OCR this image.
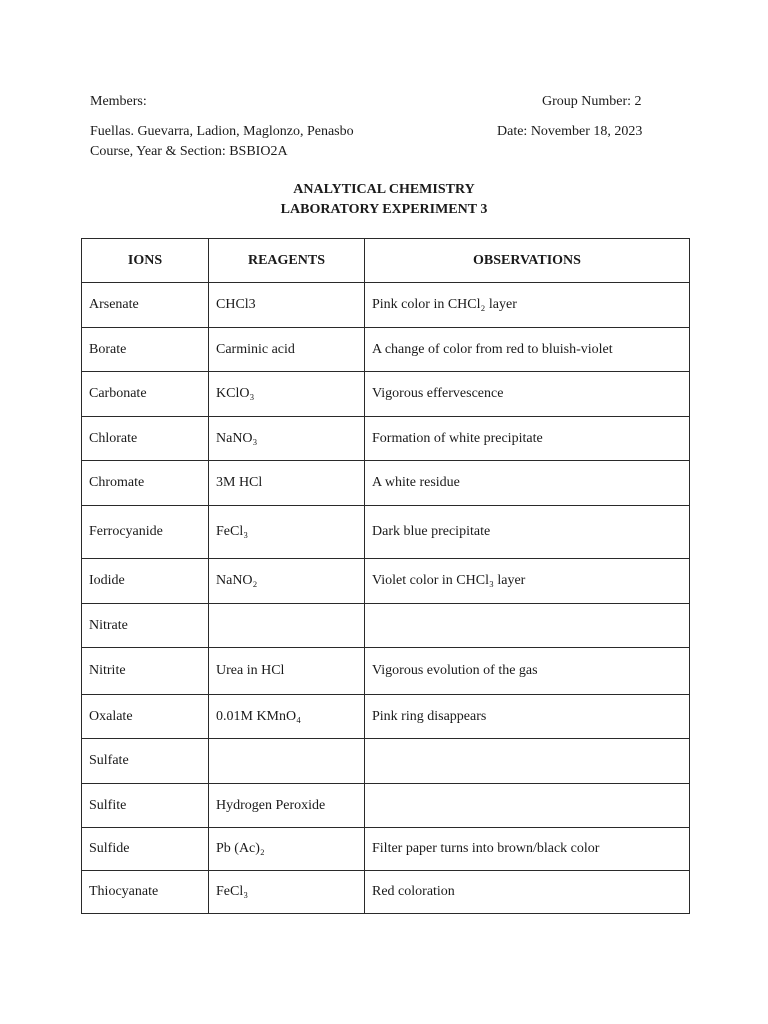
Members:	Group Number: 2
Fuellas. Guevarra, Ladion, Maglonzo, Penasbo	Date: November 18, 2023
Course, Year & Section: BSBIO2A
ANALYTICAL CHEMISTRY
LABORATORY EXPERIMENT 3
IONS	REAGENTS	OBSERVATIONS
Arsenate	CHCl3	Pink color in CHCl₂ layer
Borate	Carminic acid	A change of color from red to bluish-violet
Carbonate	KClO₃	Vigorous effervescence
Chlorate	NaNO₃	Formation of white precipitate
Chromate	3M HCl	A white residue
Ferrocyanide	FeCl₃	Dark blue precipitate
Iodide	NaNO₂	Violet color in CHCl₃ layer
Nitrate		
Nitrite	Urea in HCl	Vigorous evolution of the gas
Oxalate	0.01M KMnO₄	Pink ring disappears
Sulfate		
Sulfite	Hydrogen Peroxide	
Sulfide	Pb (Ac)₂	Filter paper turns into brown/black color
Thiocyanate	FeCl₃	Red coloration
